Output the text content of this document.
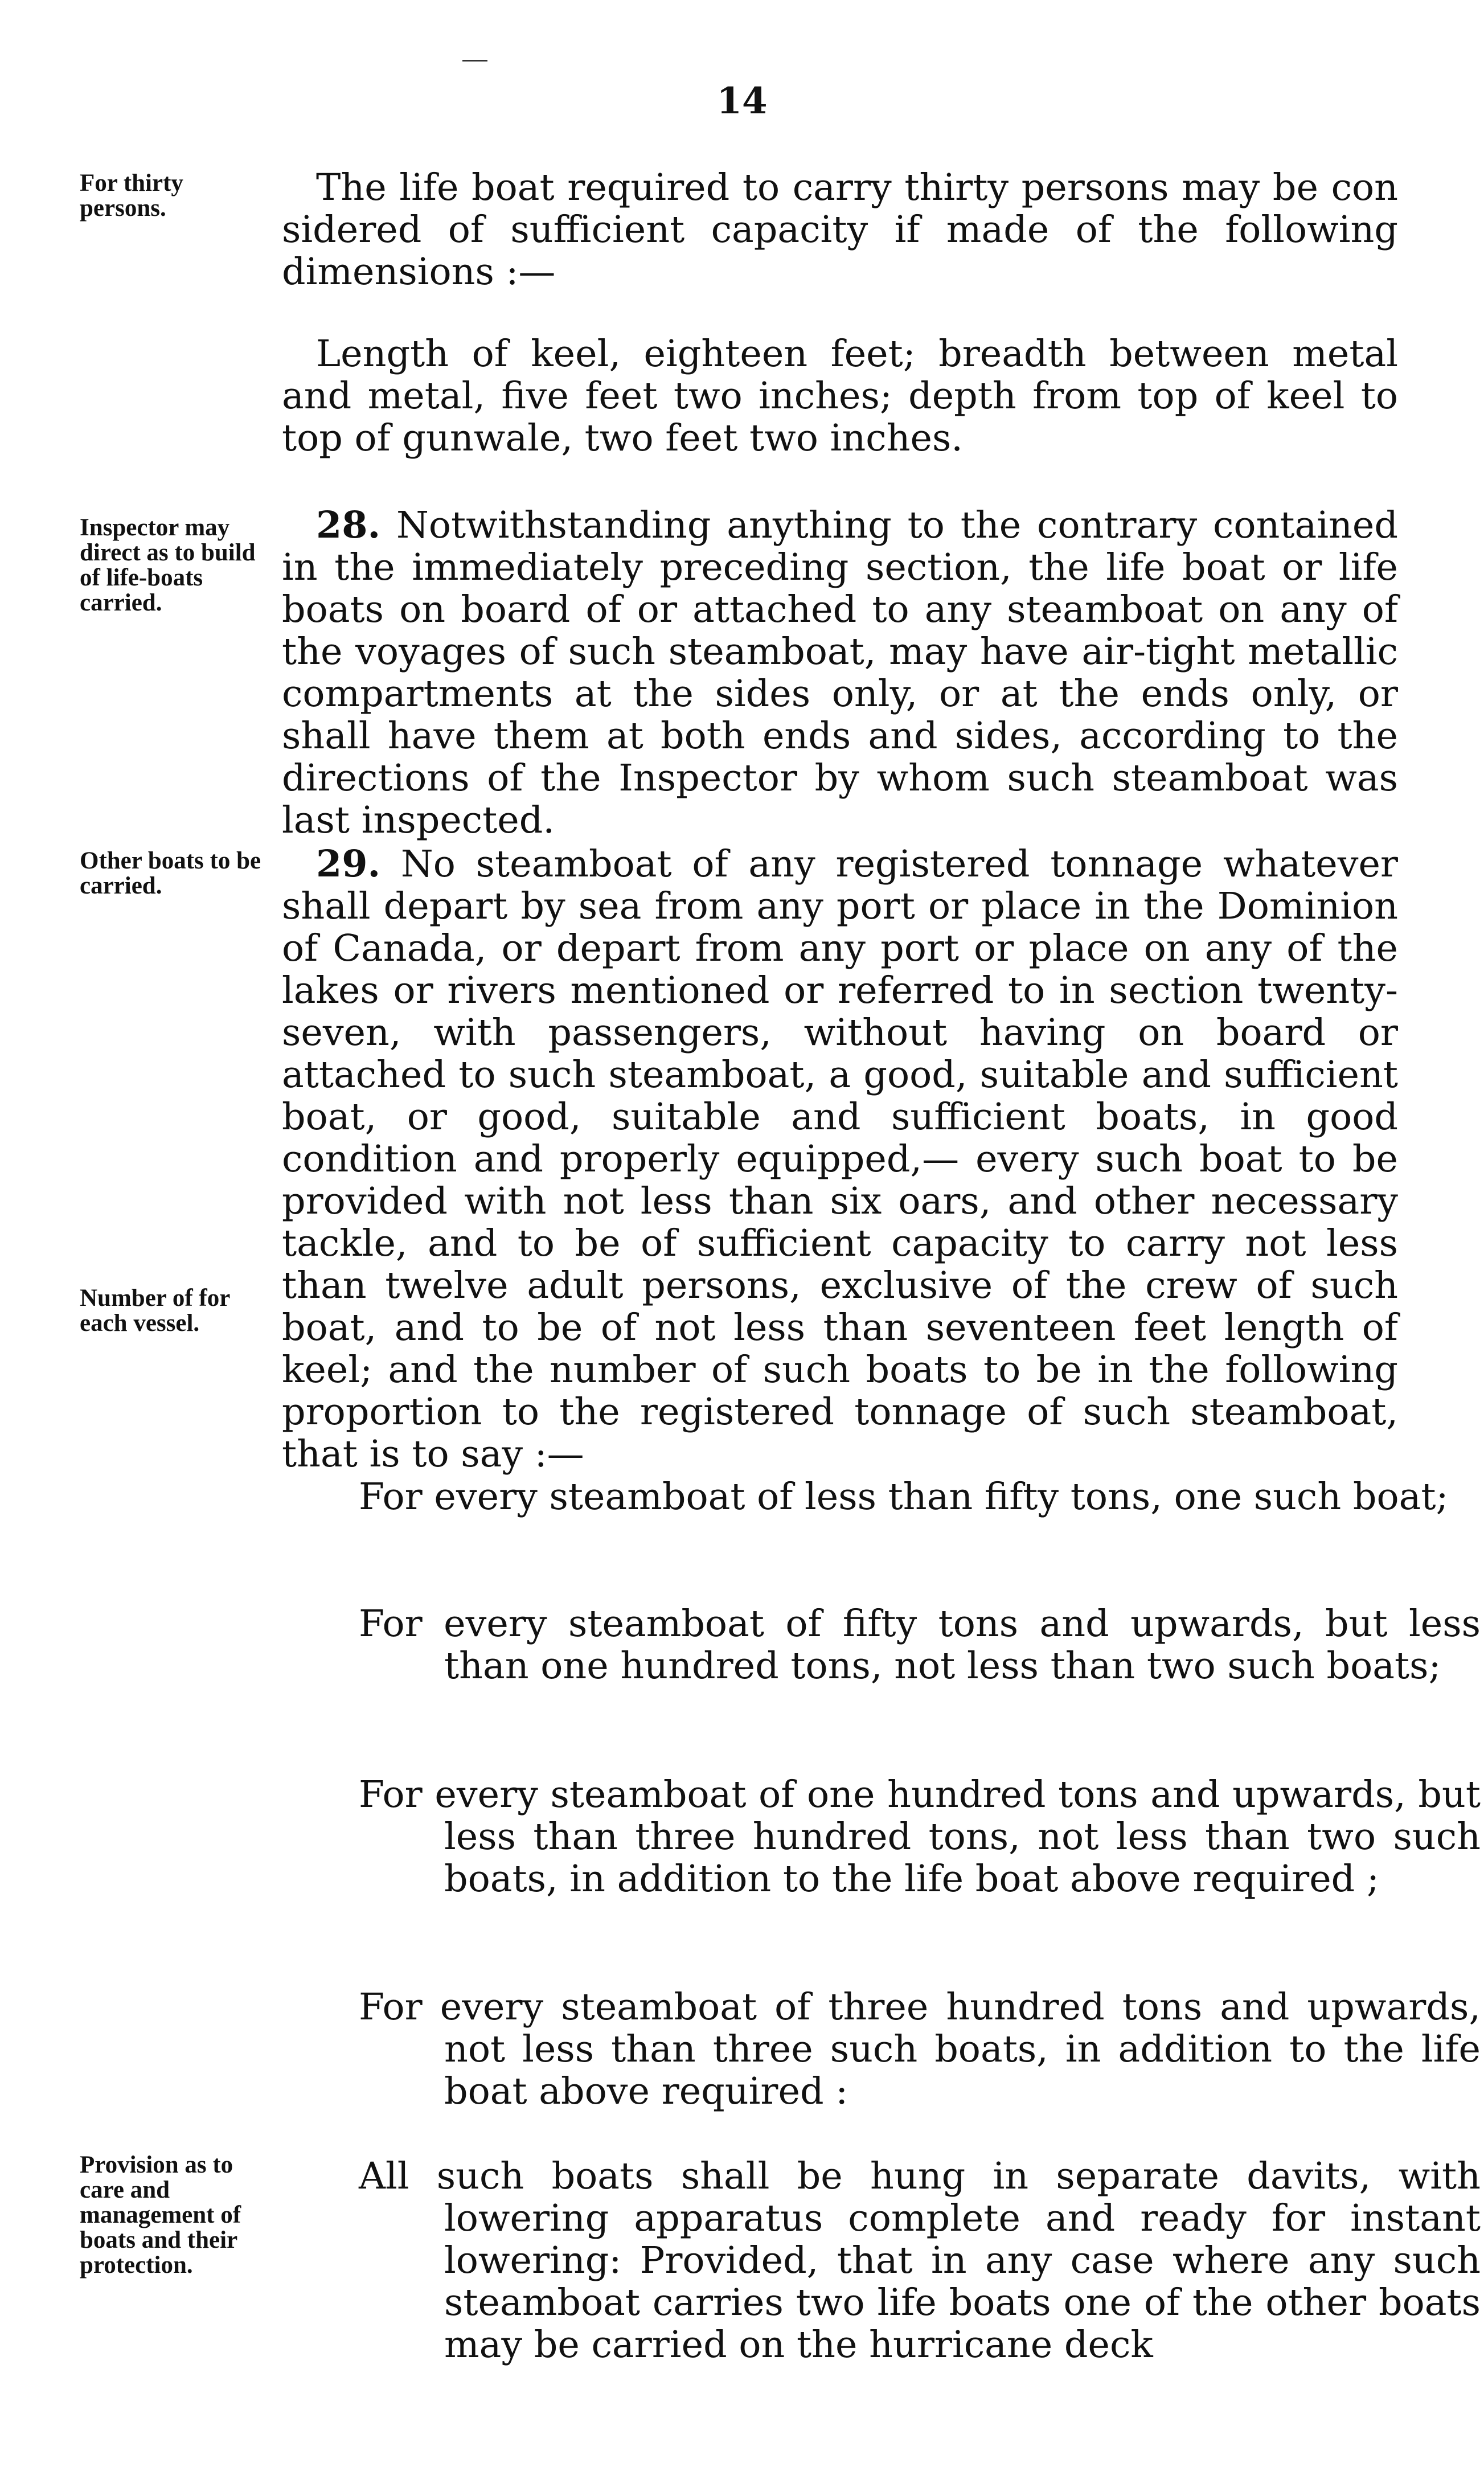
14
For thirty persons.
Inspector may direct as to build of life-boats carried.
Other boats to be carried.
Number of for each vessel.
Provision as to care and management of boats and their protection.

The life boat required to carry thirty persons may be con sidered of sufficient capacity if made of the following dimensions :—

Length of keel, eighteen feet; breadth between metal and metal, five feet two inches; depth from top of keel to top of gunwale, two feet two inches.

28. Notwithstanding anything to the contrary contained in the immediately preceding section, the life boat or life boats on board of or attached to any steamboat on any of the voyages of such steamboat, may have air-tight metallic compartments at the sides only, or at the ends only, or shall have them at both ends and sides, according to the directions of the Inspector by whom such steamboat was last inspected.

29. No steamboat of any registered tonnage whatever shall depart by sea from any port or place in the Dominion of Canada, or depart from any port or place on any of the lakes or rivers mentioned or referred to in section twenty-seven, with passengers, without having on board or attached to such steamboat, a good, suitable and sufficient boat, or good, suitable and sufficient boats, in good condition and properly equipped,— every such boat to be provided with not less than six oars, and other necessary tackle, and to be of sufficient capacity to carry not less than twelve adult persons, exclusive of the crew of such boat, and to be of not less than seventeen feet length of keel; and the number of such boats to be in the following proportion to the registered tonnage of such steamboat, that is to say :—

For every steamboat of less than fifty tons, one such boat;

For every steamboat of fifty tons and upwards, but less than one hundred tons, not less than two such boats;

For every steamboat of one hundred tons and upwards, but less than three hundred tons, not less than two such boats, in addition to the life boat above required ;

For every steamboat of three hundred tons and upwards, not less than three such boats, in addition to the life boat above required :

All such boats shall be hung in separate davits, with lowering apparatus complete and ready for instant lowering: Provided, that in any case where any such steamboat carries two life boats one of the other boats may be carried on the hurricane deck
